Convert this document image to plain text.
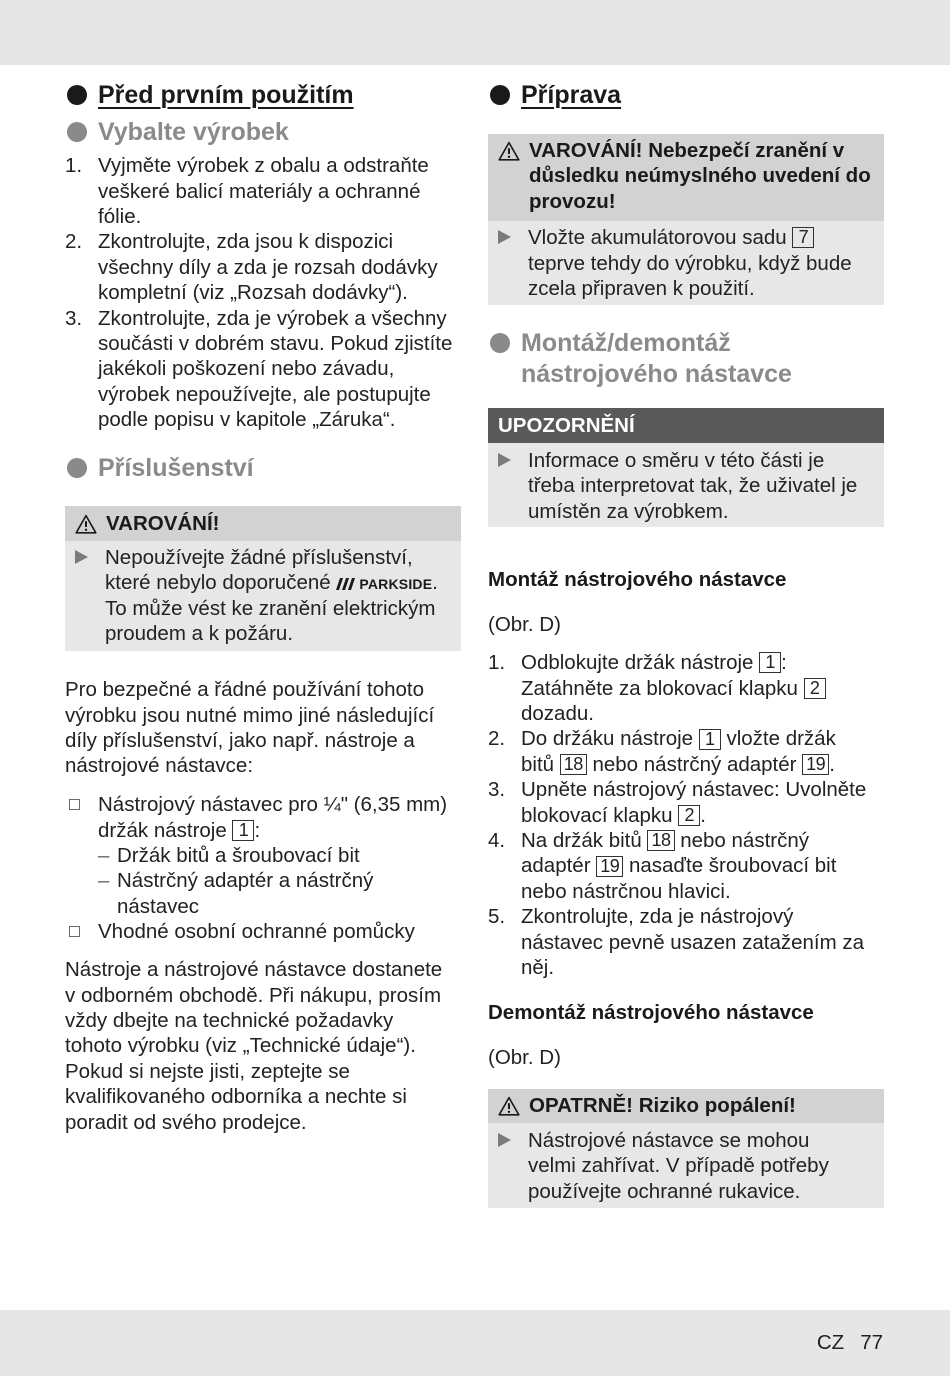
Před prvním použitím
Vybalte výrobek
1. Vyjměte výrobek z obalu a odstraňte
veškeré balicí materiály a ochranné
fólie.
2. Zkontrolujte, zda jsou k dispozici
všechny díly a zda je rozsah dodávky
kompletní (viz „Rozsah dodávky“).
3. Zkontrolujte, zda je výrobek a všechny
součásti v dobrém stavu. Pokud zjistíte
jakékoli poškození nebo závadu,
výrobek nepoužívejte, ale postupujte
podle popisu v kapitole „Záruka“.
Příslušenství
VAROVÁNÍ!
Nepoužívejte žádné příslušenství,
které nebylo doporučené PARKSIDE.
To může vést ke zranění elektrickým
proudem a k požáru.
Pro bezpečné a řádné používání tohoto
výrobku jsou nutné mimo jiné následující
díly příslušenství, jako např. nástroje a
nástrojové nástavce:
Nástrojový nástavec pro ¼" (6,35 mm)
držák nástroje 1 :
– Držák bitů a šroubovací bit
– Nástrčný adaptér a nástrčný
nástavec
Vhodné osobní ochranné pomůcky
Nástroje a nástrojové nástavce dostanete
v odborném obchodě. Při nákupu, prosím
vždy dbejte na technické požadavky
tohoto výrobku (viz „Technické údaje“).
Pokud si nejste jisti, zeptejte se
kvalifikovaného odborníka a nechte si
poradit od svého prodejce.
Příprava
VAROVÁNÍ! Nebezpečí zranění v
důsledku neúmyslného uvedení do
provozu!
Vložte akumulátorovou sadu 7
teprve tehdy do výrobku, když bude
zcela připraven k použití.
Montáž/demontáž
nástrojového nástavce
UPOZORNĚNÍ
Informace o směru v této části je
třeba interpretovat tak, že uživatel je
umístěn za výrobkem.
Montáž nástrojového nástavce
(Obr. D)
1. Odblokujte držák nástroje 1 :
Zatáhněte za blokovací klapku 2
dozadu.
2. Do držáku nástroje 1 vložte držák
bitů 18 nebo nástrčný adaptér 19 .
3. Upněte nástrojový nástavec: Uvolněte
blokovací klapku 2 .
4. Na držák bitů 18 nebo nástrčný
adaptér 19 nasaďte šroubovací bit
nebo nástrčnou hlavici.
5. Zkontrolujte, zda je nástrojový
nástavec pevně usazen zatažením za
něj.
Demontáž nástrojového nástavce
(Obr. D)
OPATRNĚ! Riziko popálení!
Nástrojové nástavce se mohou
velmi zahřívat. V případě potřeby
používejte ochranné rukavice.
CZ 77
